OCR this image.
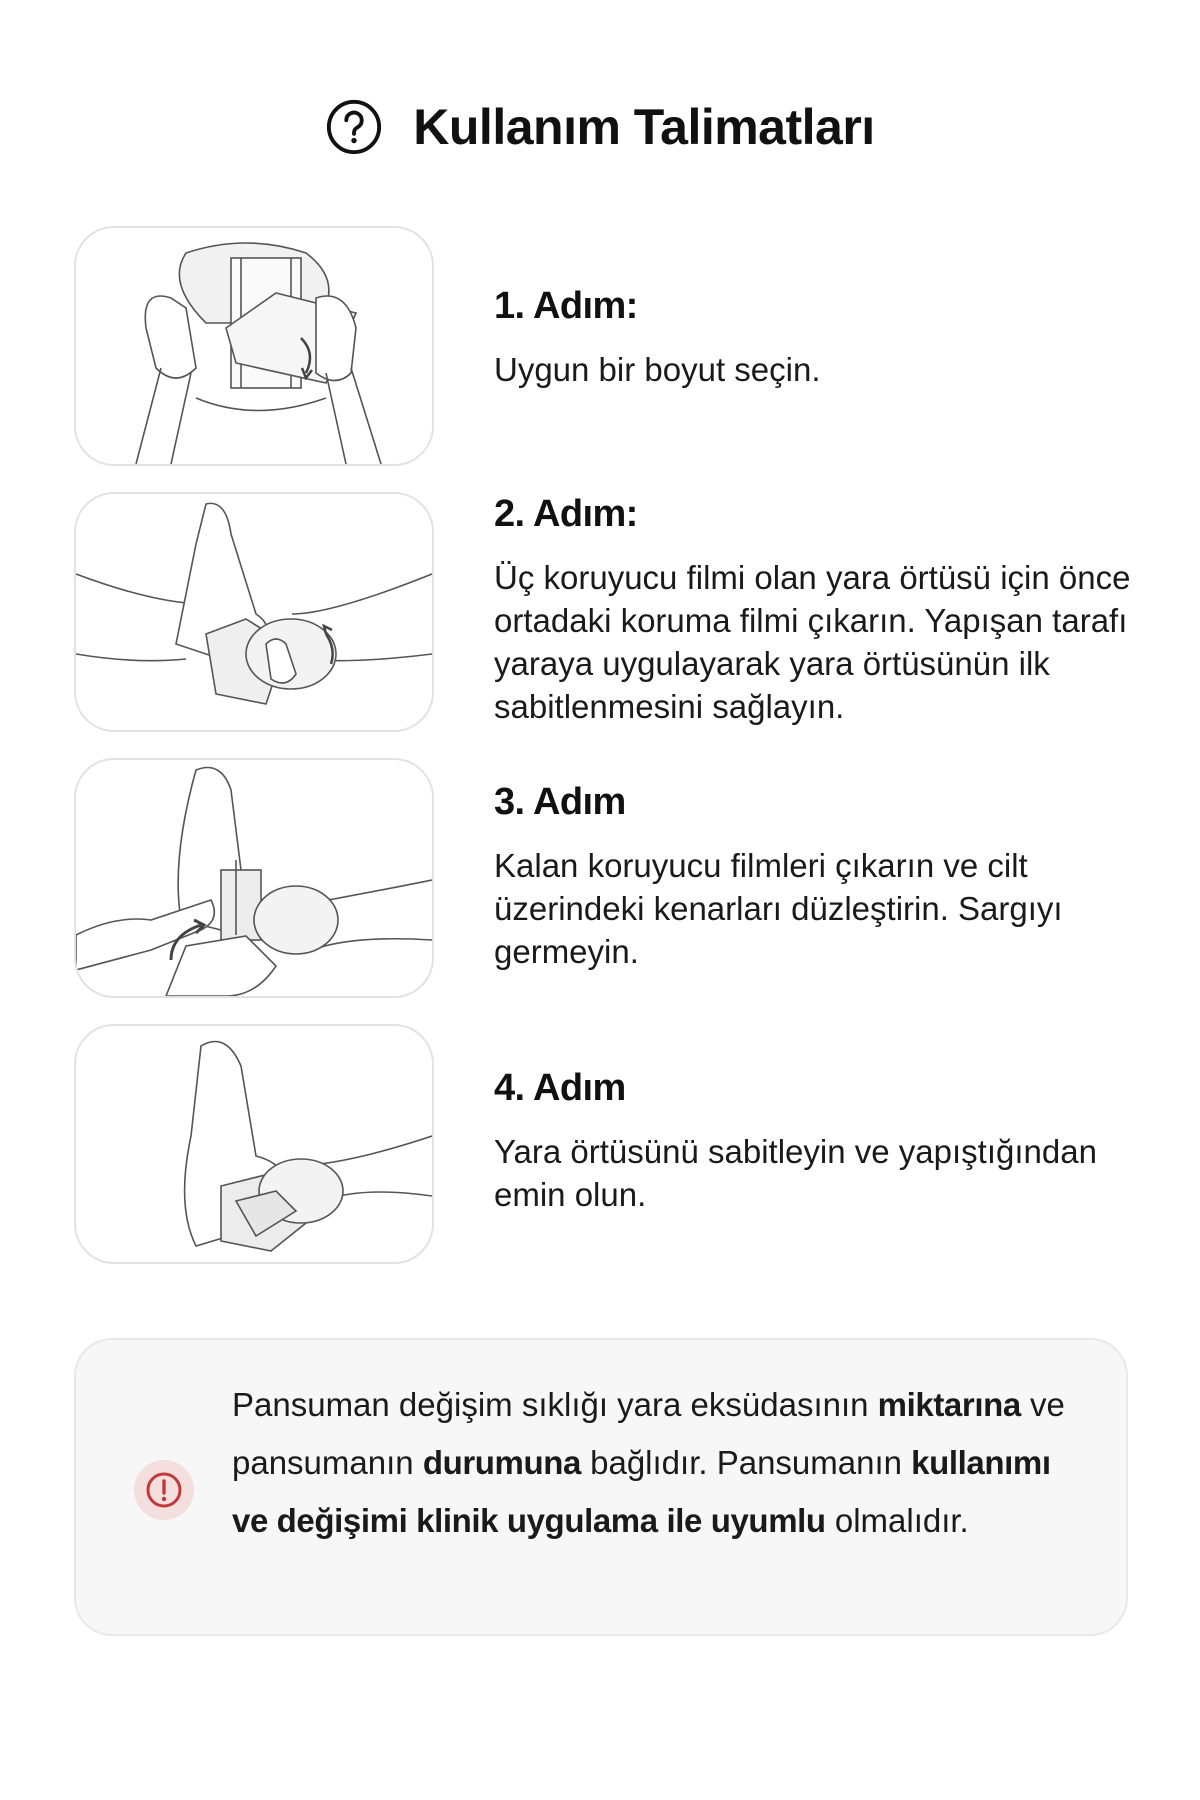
Kullanım Talimatları
1. Adım:

Uygun bir boyut seçin.

2. Adım:

Üç koruyucu filmi olan yara örtüsü için önce ortadaki koruma filmi çıkarın. Yapışan tarafı yaraya uygulayarak yara örtüsünün ilk sabitlenmesini sağlayın.

3. Adım

Kalan koruyucu filmleri çıkarın ve cilt üzerindeki kenarları düzleştirin. Sargıyı germeyin.

4. Adım

Yara örtüsünü sabitleyin ve yapıştığından emin olun.

Pansuman değişim sıklığı yara eksüdasının miktarına ve pansumanın durumuna bağlıdır. Pansumanın kullanımı ve değişimi klinik uygulama ile uyumlu olmalıdır.
